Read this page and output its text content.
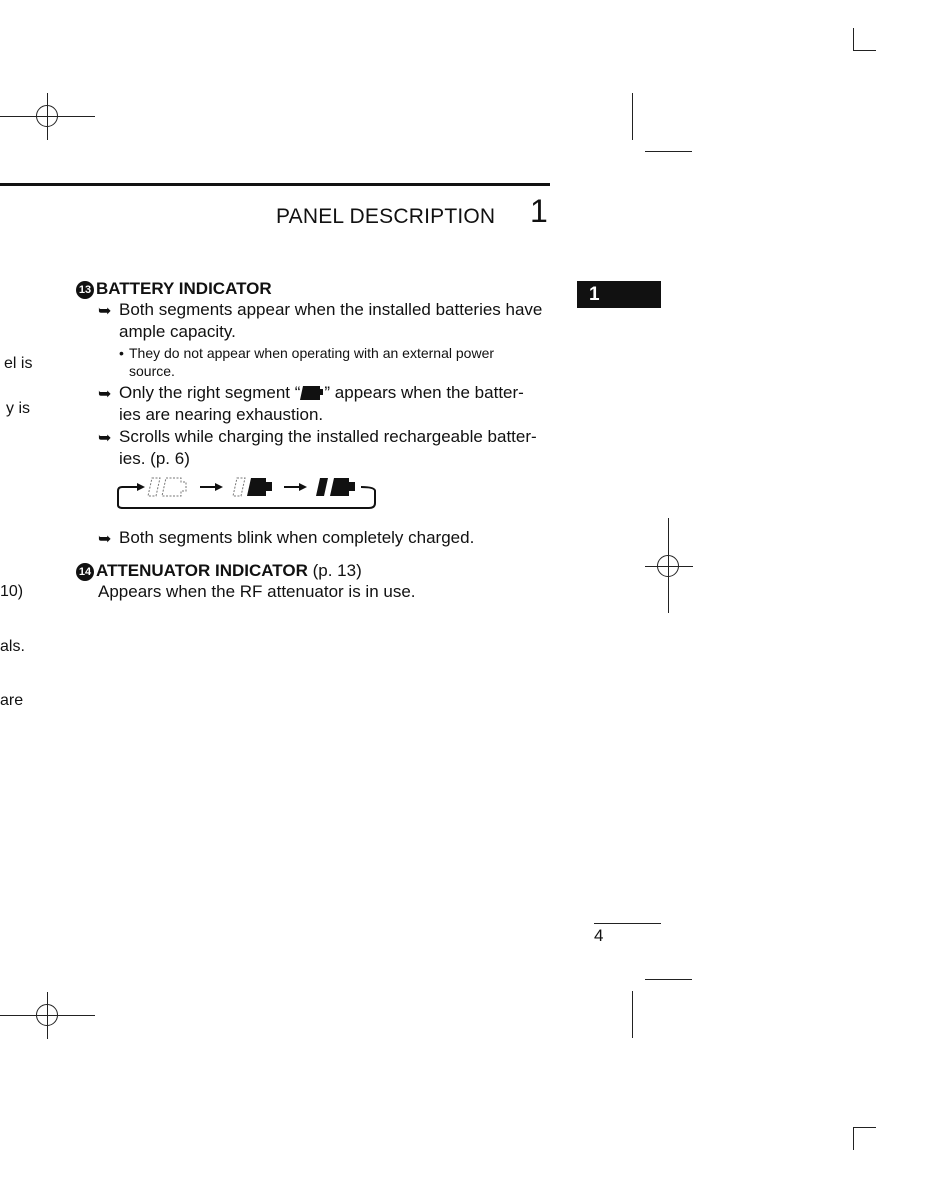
PANEL DESCRIPTION 1
1
el is
y is
10)
als.
are
13 BATTERY INDICATOR
➥ Both segments appear when the installed batteries have
ample capacity.
• They do not appear when operating with an external power
source.
➥ Only the right segment “ ” appears when the batter-
ies are nearing exhaustion.
➥ Scrolls while charging the installed rechargeable batter-
ies. (p. 6)
➥ Both segments blink when completely charged.
14 ATTENUATOR INDICATOR (p. 13)
Appears when the RF attenuator is in use.
4
